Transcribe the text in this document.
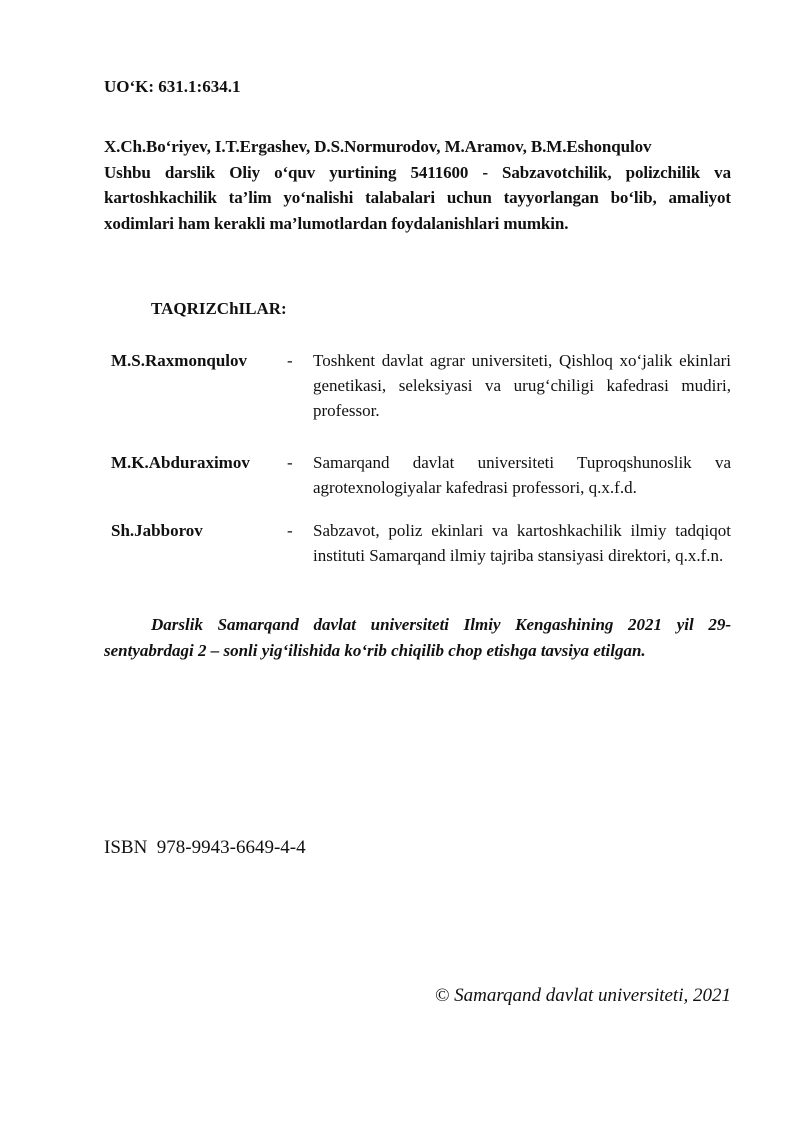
UO‘K: 631.1:634.1

X.Ch.Bo‘riyev, I.T.Ergashev, D.S.Normurodov, M.Aramov, B.M.Eshonqulov

Ushbu darslik Oliy o‘quv yurtining 5411600 - Sabzavotchilik, polizchilik va kartoshkachilik ta’lim yo‘nalishi talabalari uchun tayyorlangan bo‘lib, amaliyot xodimlari ham kerakli ma’lumotlardan foydalanishlari mumkin.

TAQRIZChILAR:
M.S.Raxmonqulov - Toshkent davlat agrar universiteti, Qishloq xo‘jalik ekinlari genetikasi, seleksiyasi va urug‘chiligi kafedrasi mudiri, professor.
M.K.Abduraximov - Samarqand davlat universiteti Tuproqshunoslik va agrotexnologiyalar kafedrasi professori, q.x.f.d.
Sh.Jabborov	- Sabzavot, poliz ekinlari va kartoshkachilik ilmiy tadqiqot instituti Samarqand ilmiy tajriba stansiyasi direktori, q.x.f.n.
Darslik Samarqand davlat universiteti Ilmiy Kengashining 2021 yil 29-sentyabrdagi 2 – sonli yig‘ilishida ko‘rib chiqilib chop etishga tavsiya etilgan.
ISBN  978-9943-6649-4-4
© Samarqand davlat universiteti, 2021
